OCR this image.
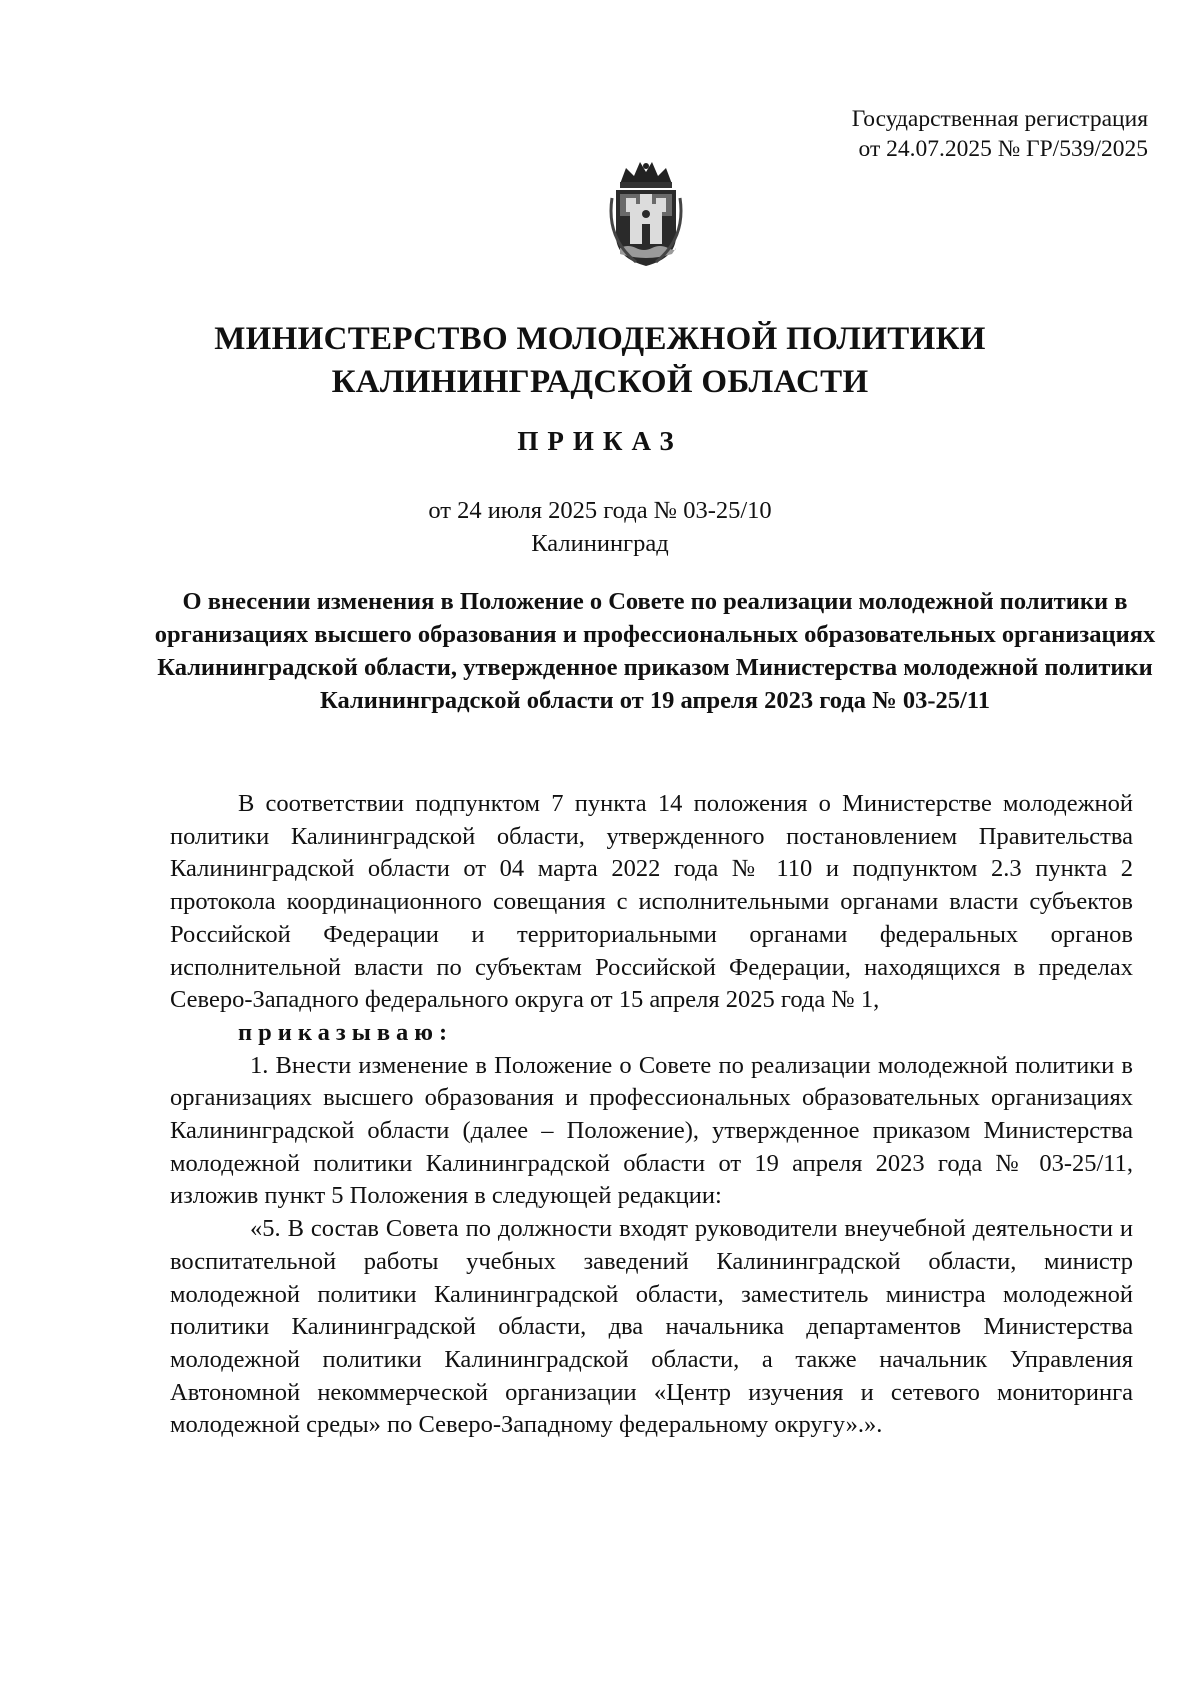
Государственная регистрация
от 24.07.2025 № ГР/539/2025
МИНИСТЕРСТВО МОЛОДЕЖНОЙ ПОЛИТИКИ
КАЛИНИНГРАДСКОЙ ОБЛАСТИ
ПРИКАЗ
от 24 июля 2025 года № 03-25/10
Калининград
О внесении изменения в Положение о Совете по реализации молодежной политики в организациях высшего образования и профессиональных образовательных организациях Калининградской области, утвержденное приказом Министерства молодежной политики Калининградской области от 19 апреля 2023 года № 03-25/11

В соответствии подпунктом 7 пункта 14 положения о Министерстве молодежной политики Калининградской области, утвержденного постановлением Правительства Калининградской области от 04 марта 2022 года № 110 и подпунктом 2.3 пункта 2 протокола координационного совещания с исполнительными органами власти субъектов Российской Федерации и территориальными органами федеральных органов исполнительной власти по субъектам Российской Федерации, находящихся в пределах Северо-Западного федерального округа от 15 апреля 2025 года № 1,
приказываю:

1. Внести изменение в Положение о Совете по реализации молодежной политики в организациях высшего образования и профессиональных образовательных организациях Калининградской области (далее – Положение), утвержденное приказом Министерства молодежной политики Калининградской области от 19 апреля 2023 года № 03-25/11, изложив пункт 5 Положения в следующей редакции:

«5. В состав Совета по должности входят руководители внеучебной деятельности и воспитательной работы учебных заведений Калининградской области, министр молодежной политики Калининградской области, заместитель министра молодежной политики Калининградской области, два начальника департаментов Министерства молодежной политики Калининградской области, а также начальник Управления Автономной некоммерческой организации «Центр изучения и сетевого мониторинга молодежной среды» по Северо-Западному федеральному округу».».
